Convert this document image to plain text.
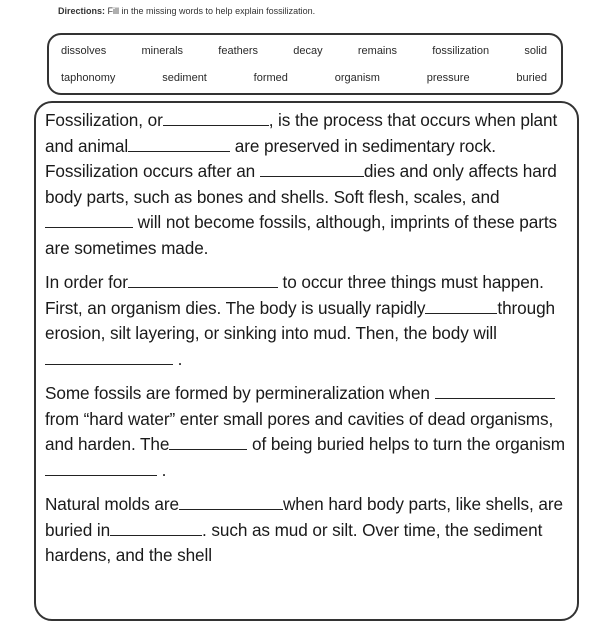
Directions: Fill in the missing words to help explain fossilization.
dissolves	minerals	feathers	decay	remains	fossilization	solid
taphonomy	sediment	formed	organism	pressure	buried

Fossilization, or	, is the process that occurs when plant and animal	are preserved in sedimentary rock. Fossilization occurs after an	dies and only affects hard body parts, such as bones and shells. Soft flesh, scales, and  will not become fossils, although, imprints of these parts are sometimes made.

In order for	to occur three things must happen. First, an organism dies. The body is usually rapidly	through erosion, silt layering, or sinking into mud. Then, the body will .

Some fossils are formed by permineralization when from “hard water” enter small pores and cavities of dead organisms, and harden. The	of being buried helps to turn the organism .

Natural molds are	when hard body parts, like shells, are buried in	. such as mud or silt. Over time, the sediment hardens, and the shell
